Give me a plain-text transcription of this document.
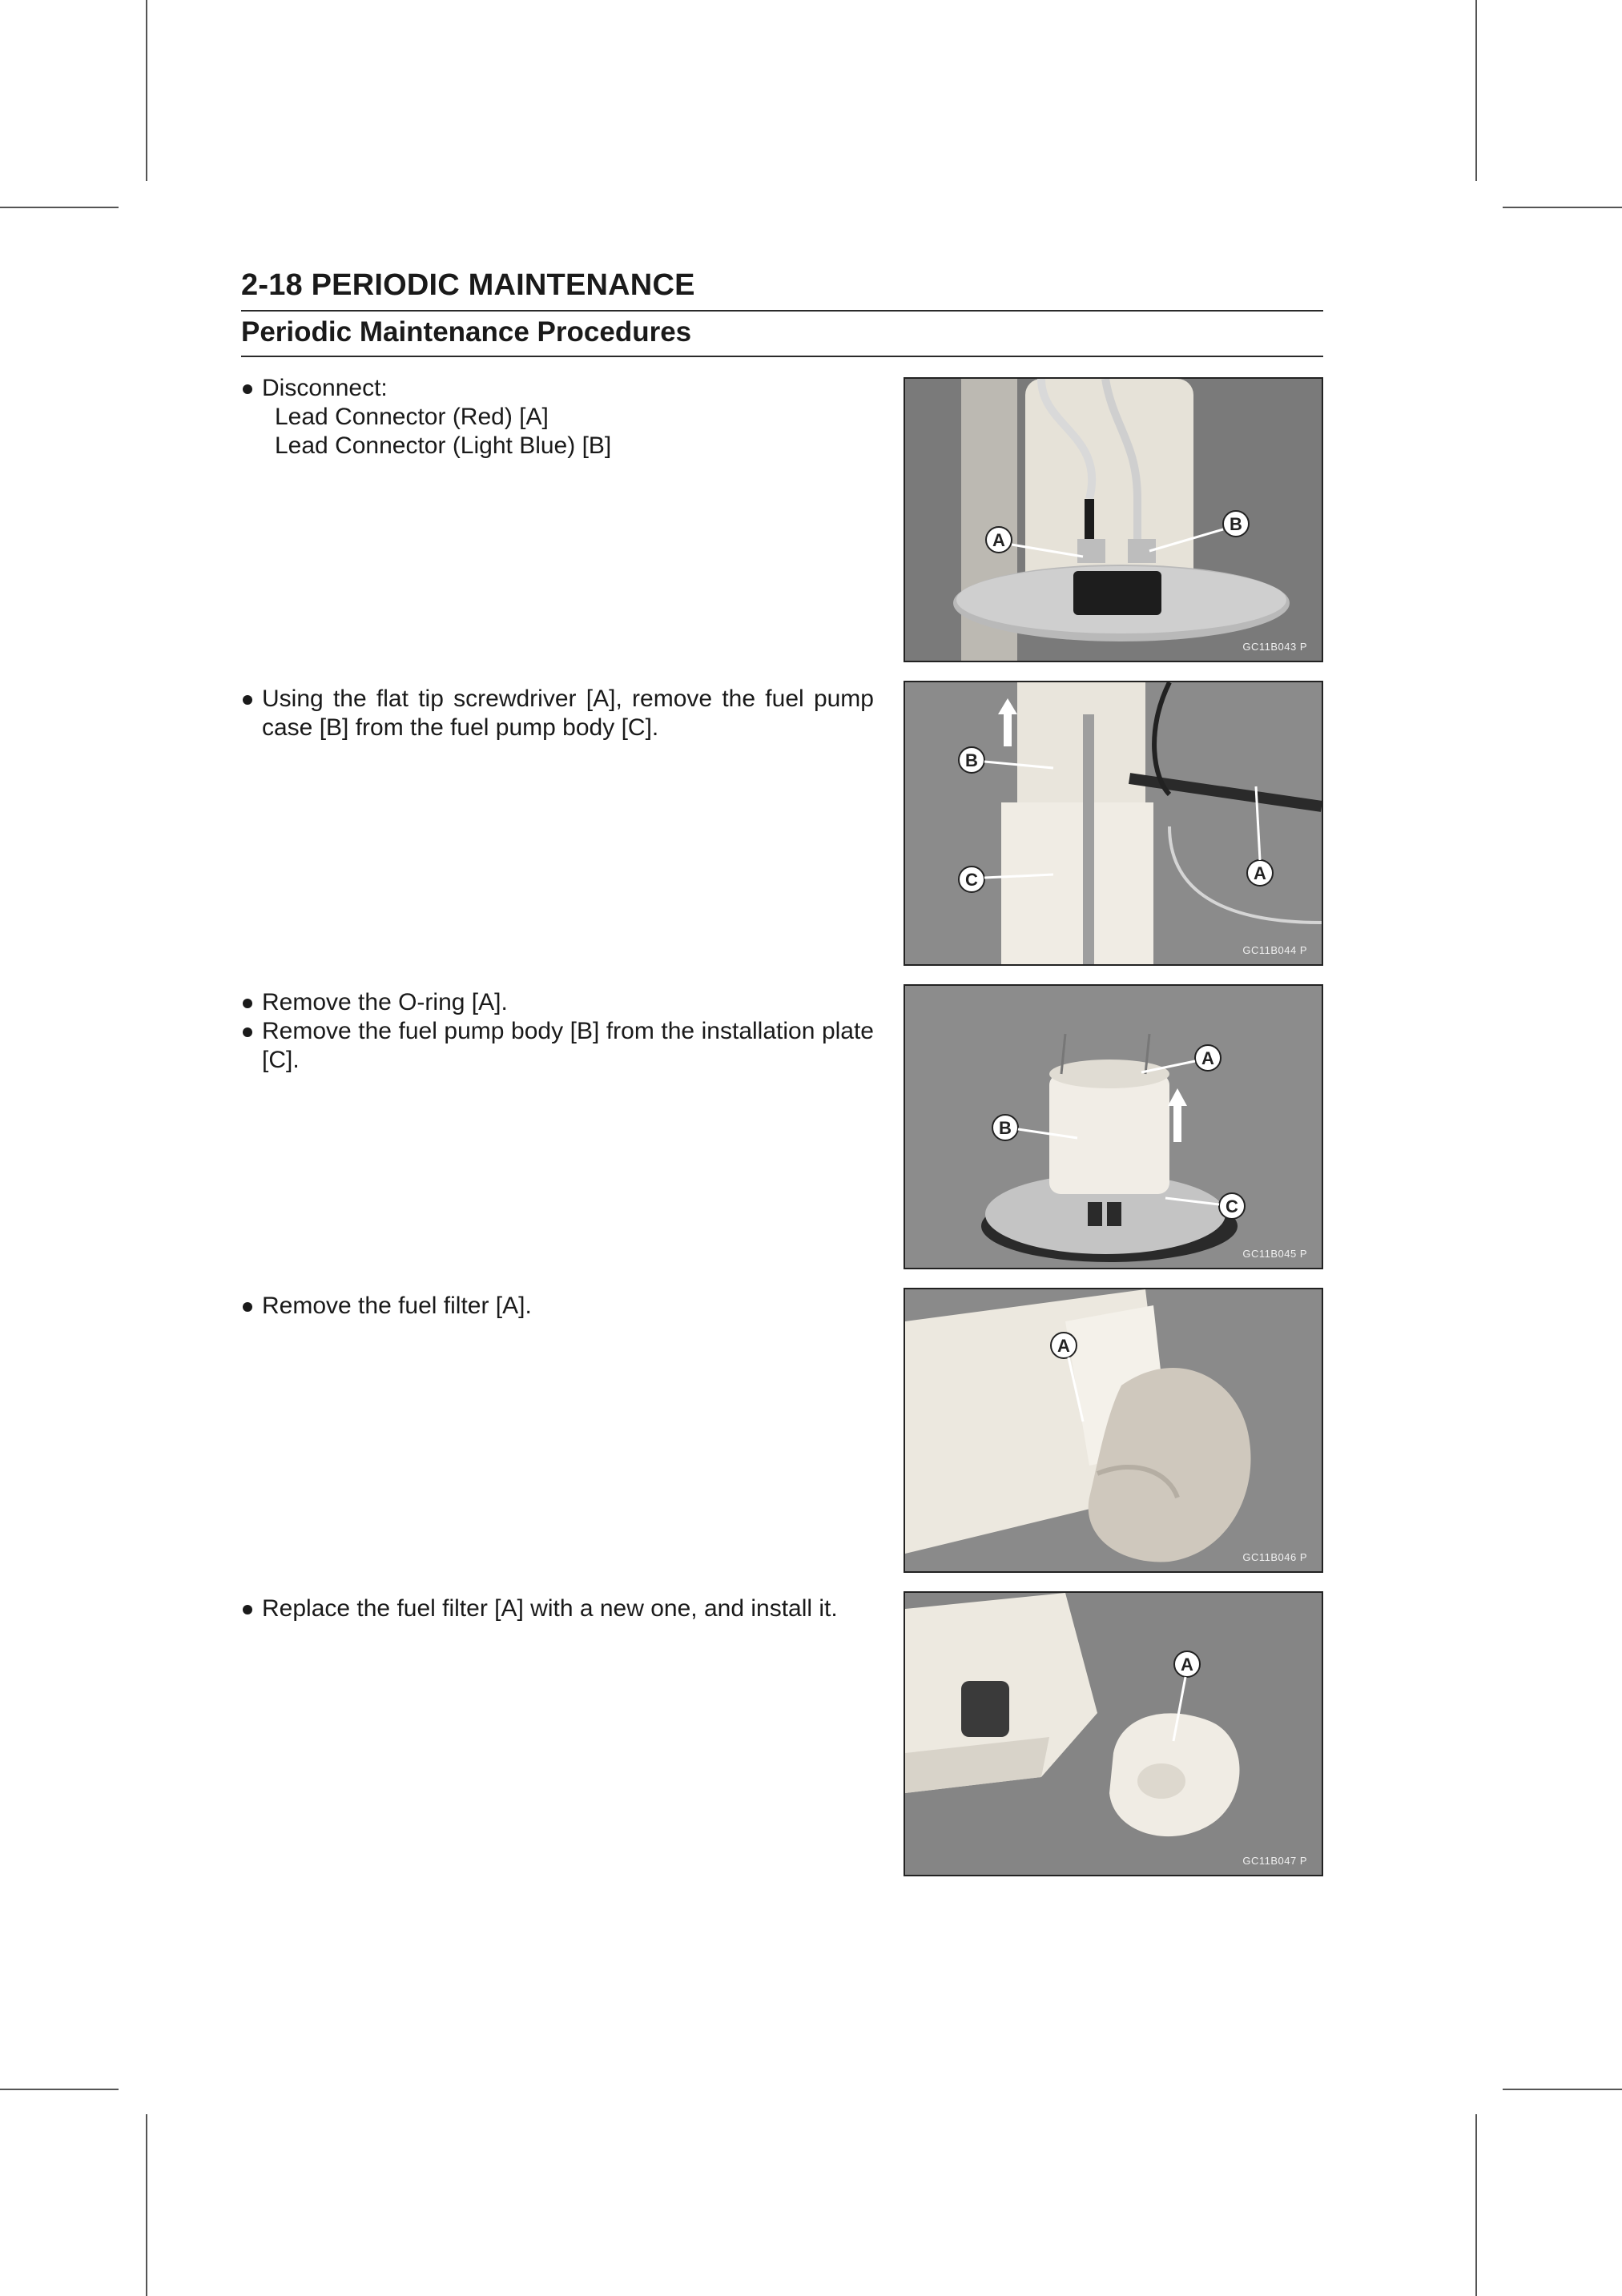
2-18 PERIODIC MAINTENANCE
Periodic Maintenance Procedures
Disconnect:
Lead Connector (Red) [A]
Lead Connector (Light Blue) [B]
A
B
GC11B043 P
Using the flat tip screwdriver [A], remove the fuel pump case [B] from the fuel pump body [C].
B
C	A
GC11B044 P
Remove the O-ring [A].
Remove the fuel pump body [B] from the installation plate [C].	A
B
C
GC11B045 P
Remove the fuel filter [A].
A
GC11B046 P
Replace the fuel filter [A] with a new one, and install it.
A
GC11B047 P
